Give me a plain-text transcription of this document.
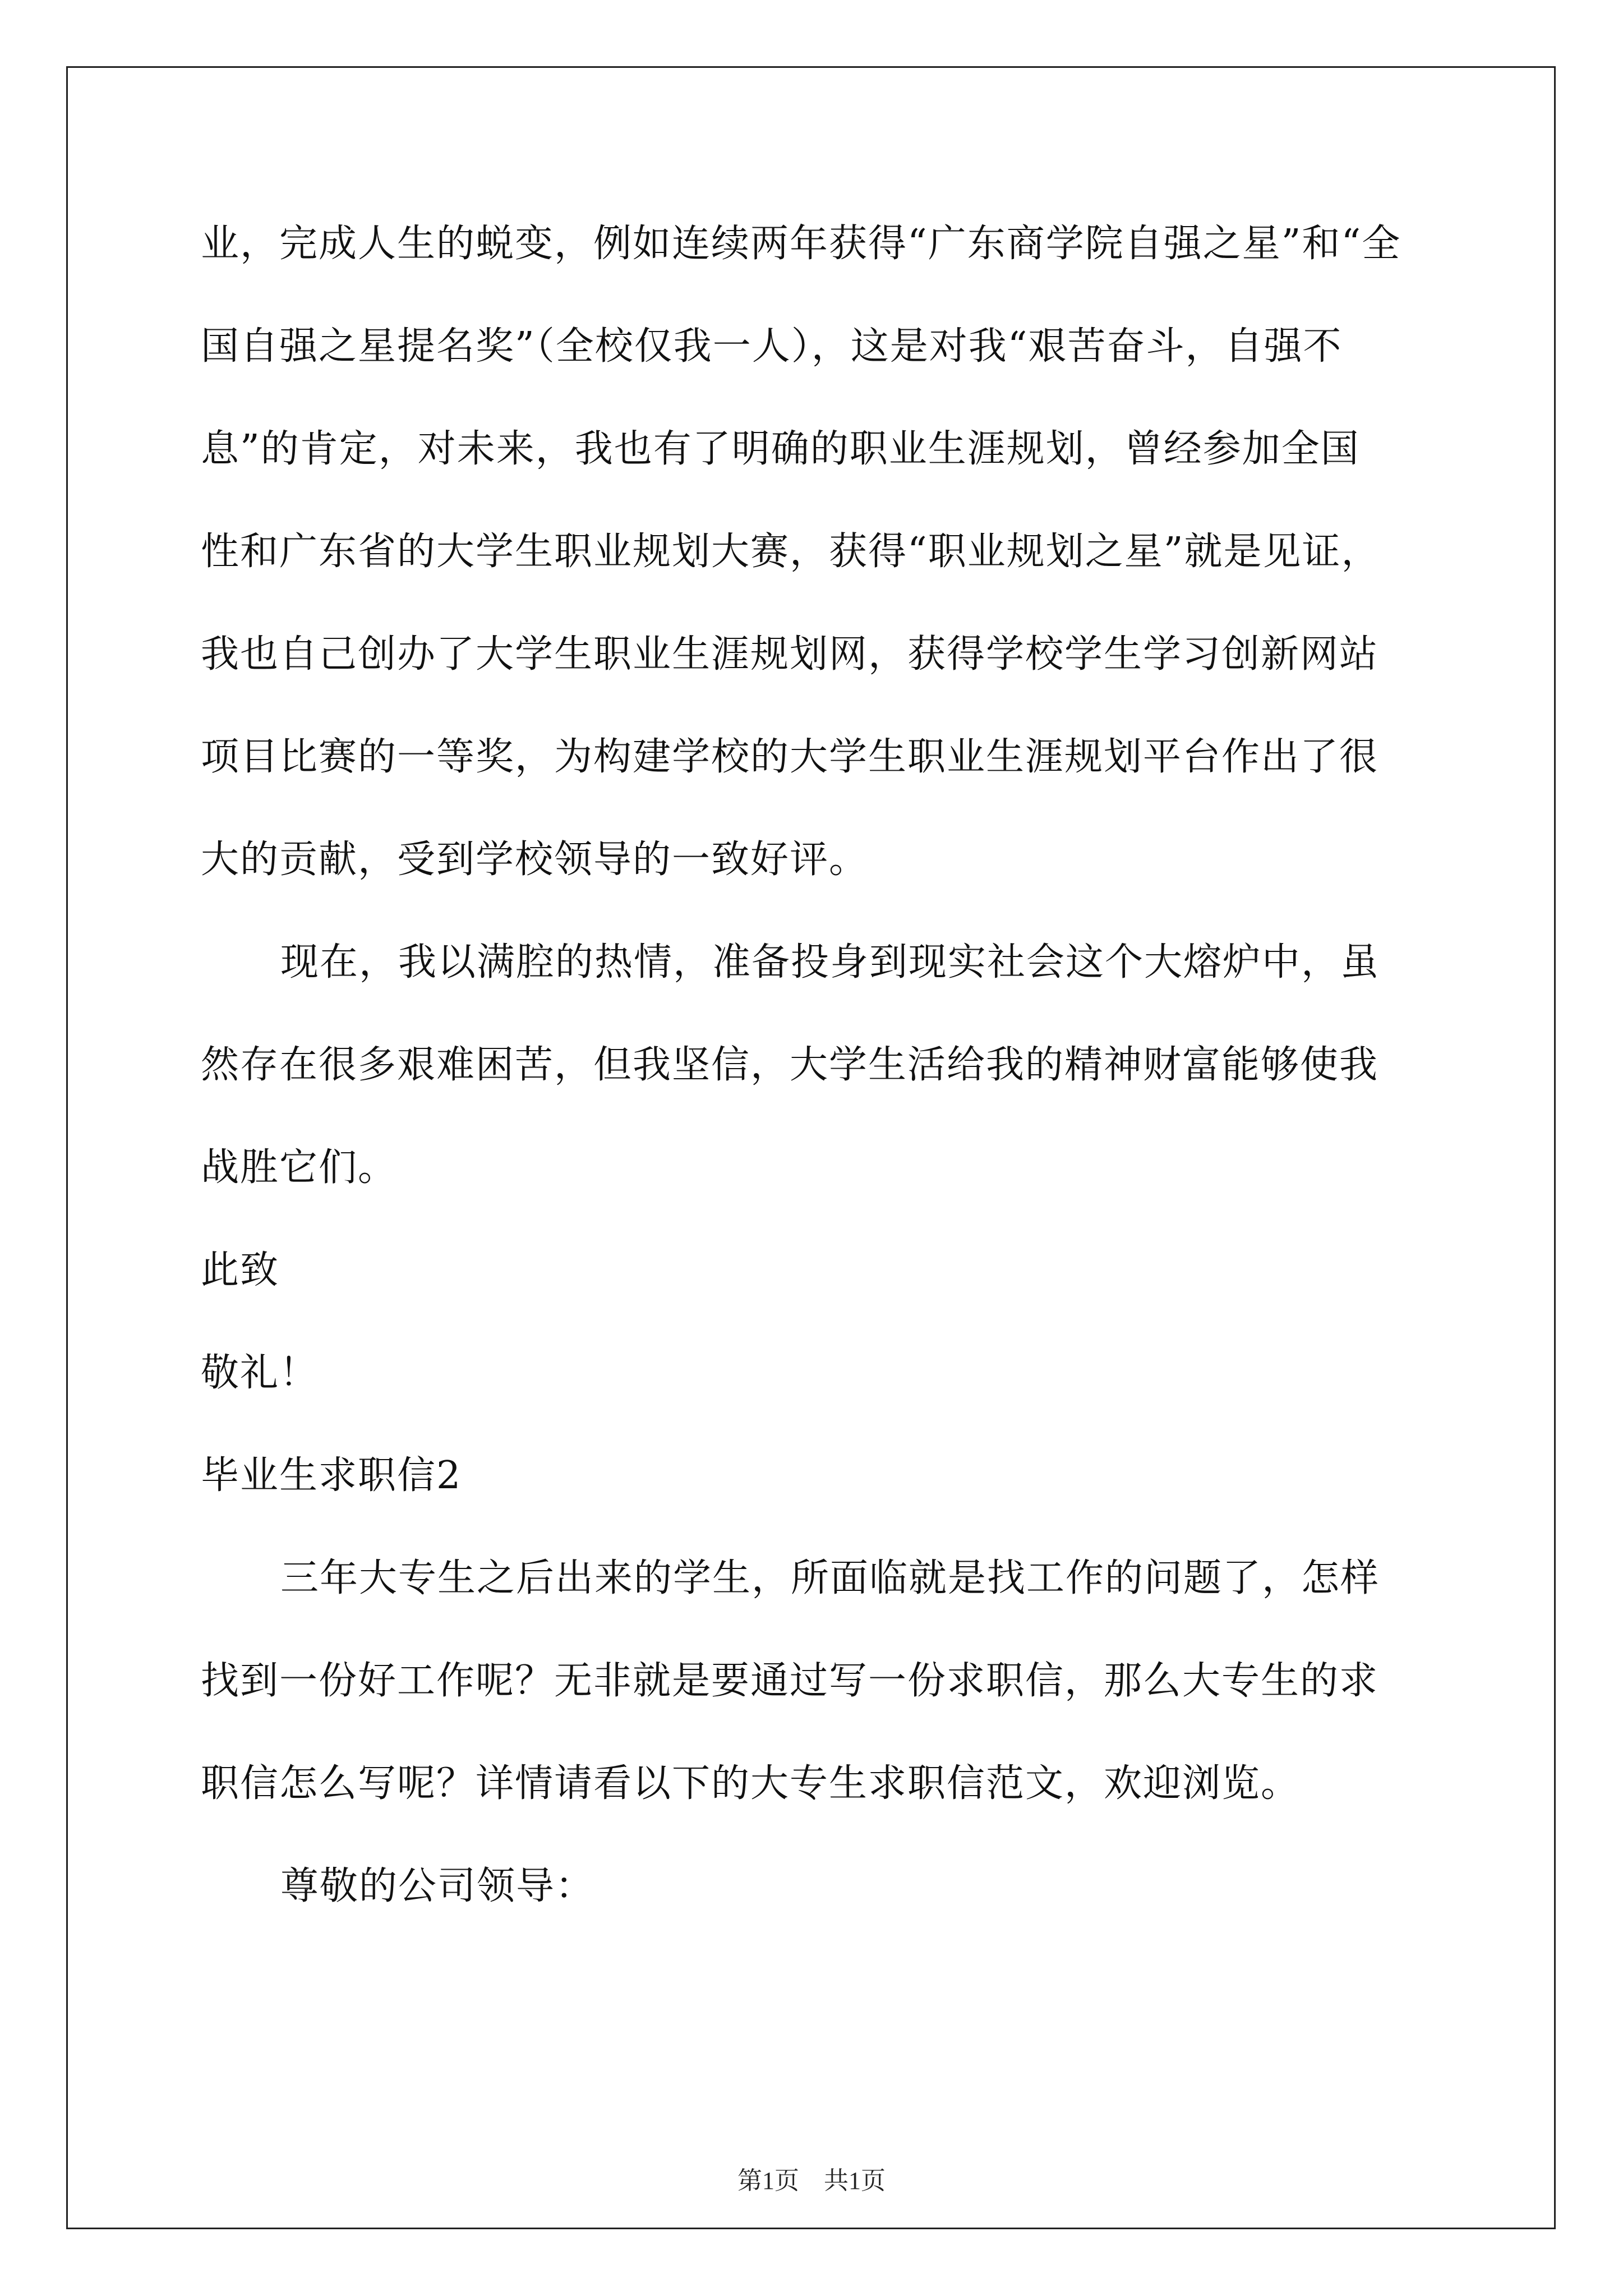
业，完成人生的蜕变，例如连续两年获得“广东商学院自强之星”和“全
国自强之星提名奖”（全校仅我一人），这是对我“艰苦奋斗，自强不
息”的肯定，对未来，我也有了明确的职业生涯规划，曾经参加全国
性和广东省的大学生职业规划大赛，获得“职业规划之星”就是见证，
我也自己创办了大学生职业生涯规划网，获得学校学生学习创新网站
项目比赛的一等奖，为构建学校的大学生职业生涯规划平台作出了很
大的贡献，受到学校领导的一致好评。
现在，我以满腔的热情，准备投身到现实社会这个大熔炉中，虽
然存在很多艰难困苦，但我坚信，大学生活给我的精神财富能够使我
战胜它们。
此致
敬礼！
毕业生求职信2
三年大专生之后出来的学生，所面临就是找工作的问题了，怎样
找到一份好工作呢？无非就是要通过写一份求职信，那么大专生的求
职信怎么写呢？详情请看以下的大专生求职信范文，欢迎浏览。
尊敬的公司领导：
第1页 共1页
